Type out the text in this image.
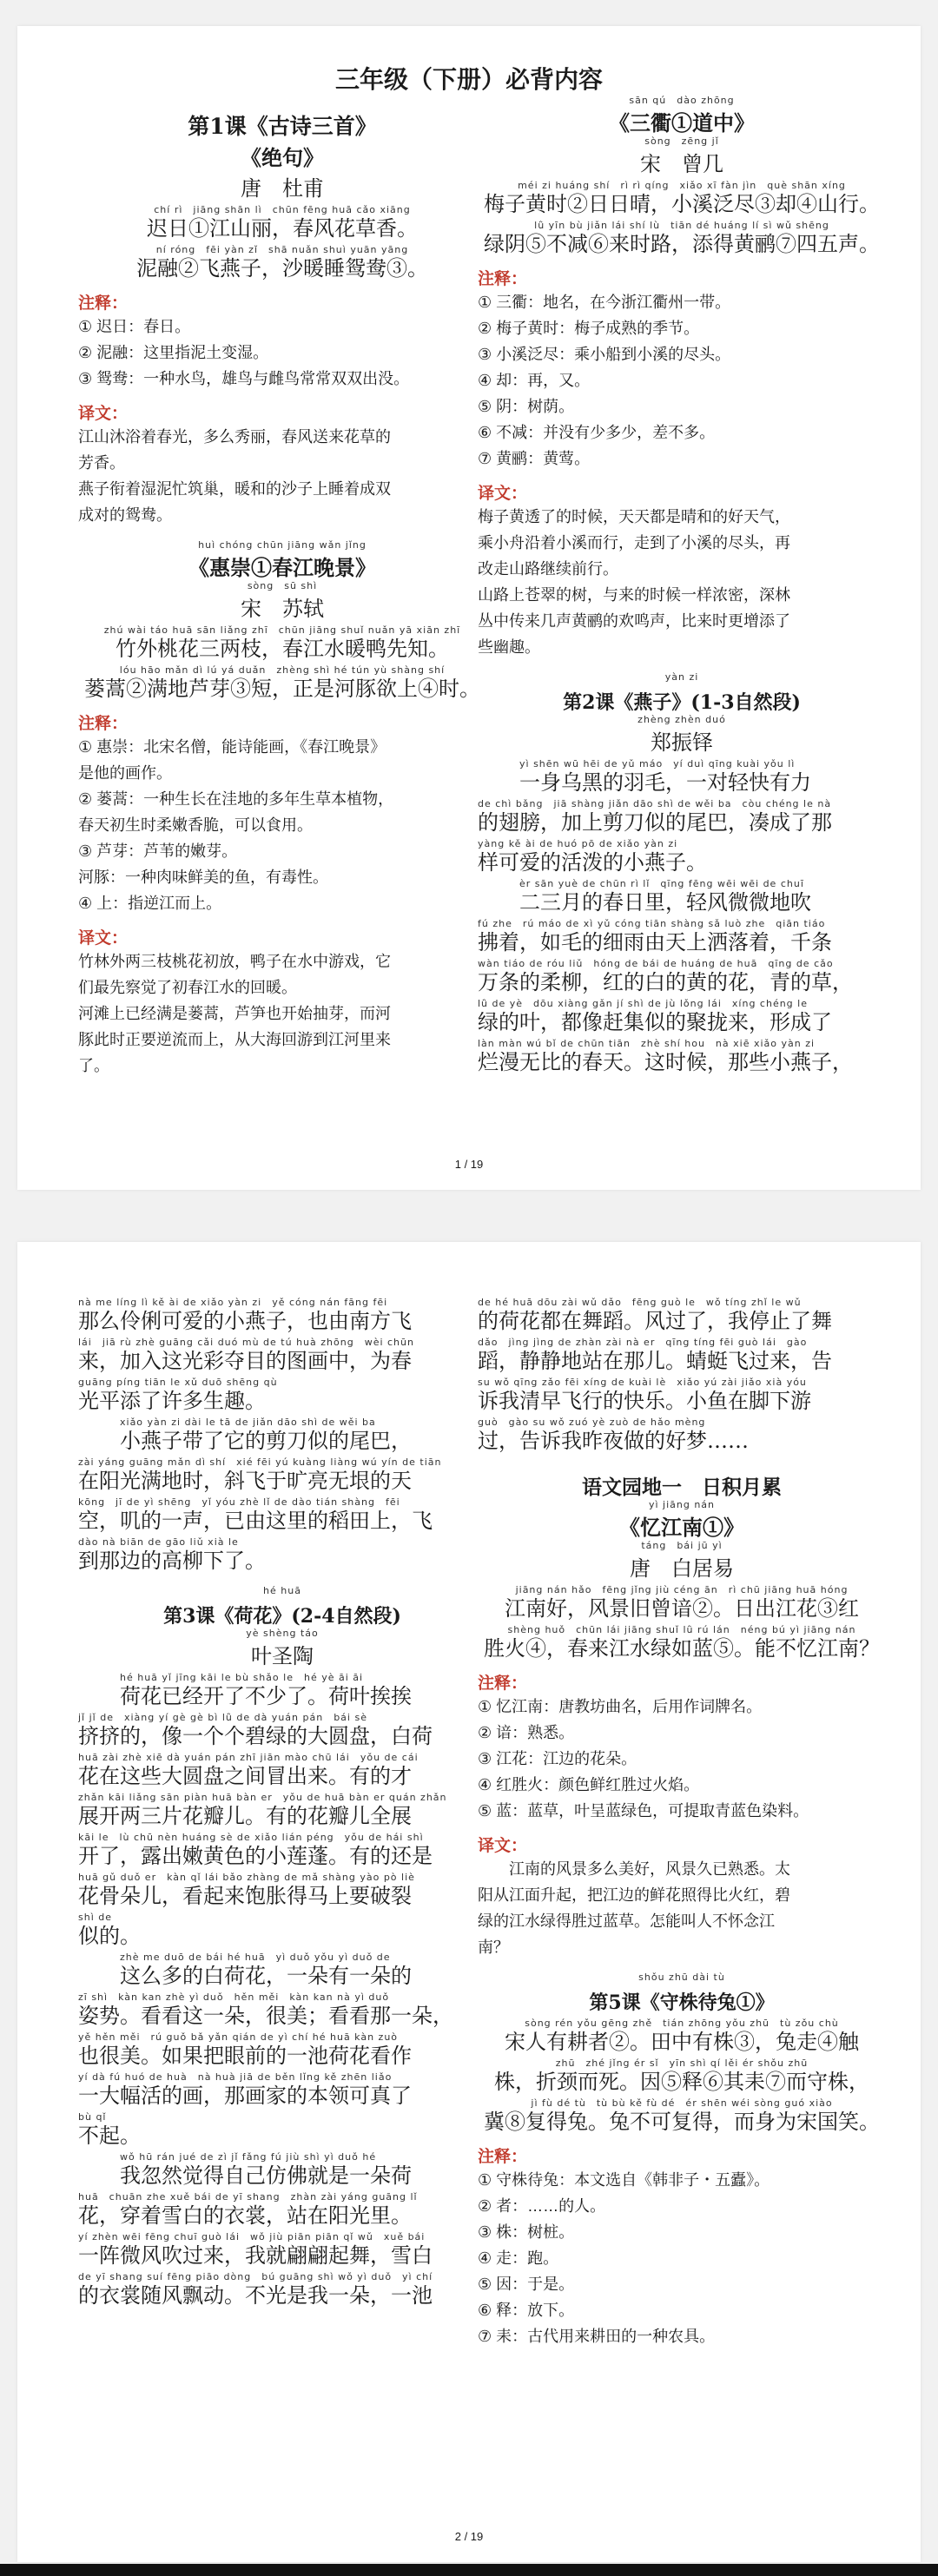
三年级（下册）必背内容
第1课《古诗三首》
《绝句》
唐　杜甫
chí rì　jiāng shān lì　chūn fēng huā cǎo xiāng
迟日①江山丽，春风花草香。
ní róng　fēi yàn zǐ　shā nuǎn shuì yuān yāng
泥融②飞燕子，沙暖睡鸳鸯③。
注释：
① 迟日：春日。
② 泥融：这里指泥土变湿。
③ 鸳鸯：一种水鸟，雄鸟与雌鸟常常双双出没。
译文：
江山沐浴着春光，多么秀丽，春风送来花草的
芳香。
燕子衔着湿泥忙筑巢，暖和的沙子上睡着成双
成对的鸳鸯。
huì chóng chūn jiāng wǎn jǐng
《惠崇①春江晚景》
sòng　sū shì
宋　苏轼
zhú wài táo huā sān liǎng zhī　chūn jiāng shuǐ nuǎn yā xiān zhī
竹外桃花三两枝，春江水暖鸭先知。
lóu hāo mǎn dì lú yá duǎn　zhèng shì hé tún yù shàng shí
蒌蒿②满地芦芽③短，正是河豚欲上④时。
注释：
① 惠崇：北宋名僧，能诗能画，《春江晚景》
是他的画作。
② 蒌蒿：一种生长在洼地的多年生草本植物，
春天初生时柔嫩香脆，可以食用。
③ 芦芽：芦苇的嫩芽。
河豚：一种肉味鲜美的鱼，有毒性。
④ 上：指逆江而上。
译文：
竹林外两三枝桃花初放，鸭子在水中游戏，它
们最先察觉了初春江水的回暖。
河滩上已经满是蒌蒿，芦笋也开始抽芽，而河
豚此时正要逆流而上，从大海回游到江河里来
了。
sān qú　dào zhōng
《三衢①道中》
sòng　zēng jǐ
宋　曾几
méi zi huáng shí　rì rì qíng　xiǎo xī fàn jìn　què shān xíng
梅子黄时②日日晴，小溪泛尽③却④山行。
lǜ yīn bù jiǎn lái shí lù　tiān dé huáng lí sì wǔ shēng
绿阴⑤不减⑥来时路，添得黄鹂⑦四五声。
注释：
① 三衢：地名，在今浙江衢州一带。
② 梅子黄时：梅子成熟的季节。
③ 小溪泛尽：乘小船到小溪的尽头。
④ 却：再，又。
⑤ 阴：树荫。
⑥ 不减：并没有少多少，差不多。
⑦ 黄鹂：黄莺。
译文：
梅子黄透了的时候，天天都是晴和的好天气，
乘小舟沿着小溪而行，走到了小溪的尽头，再
改走山路继续前行。
山路上苍翠的树，与来的时候一样浓密，深林
丛中传来几声黄鹂的欢鸣声，比来时更增添了
些幽趣。
yàn zi
第2课《燕子》(1-3自然段)
zhèng zhèn duó
郑振铎
yì shēn wū hēi de yǔ máo　yí duì qīng kuài yǒu lì
一身乌黑的羽毛，一对轻快有力
de chì bǎng　jiā shàng jiǎn dāo shì de wěi ba　còu chéng le nà
的翅膀，加上剪刀似的尾巴，凑成了那
yàng kě ài de huó pō de xiǎo yàn zi
样可爱的活泼的小燕子。
èr sān yuè de chūn rì lǐ　qīng fēng wēi wēi de chuī
二三月的春日里，轻风微微地吹
fú zhe　rú máo de xì yǔ cóng tiān shàng sǎ luò zhe　qiān tiáo
拂着，如毛的细雨由天上洒落着，千条
wàn tiáo de róu liǔ　hóng de bái de huáng de huā　qīng de cǎo
万条的柔柳，红的白的黄的花，青的草，
lǜ de yè　dōu xiàng gǎn jí shì de jù lǒng lái　xíng chéng le
绿的叶，都像赶集似的聚拢来，形成了
làn màn wú bǐ de chūn tiān　zhè shí hou　nà xiē xiǎo yàn zi
烂漫无比的春天。这时候，那些小燕子，
1 / 19
nà me líng lì kě ài de xiǎo yàn zi　yě cóng nán fāng fēi
那么伶俐可爱的小燕子，也由南方飞
lái　jiā rù zhè guāng cǎi duó mù de tú huà zhōng　wèi chūn
来，加入这光彩夺目的图画中，为春
guāng píng tiān le xǔ duō shēng qù
光平添了许多生趣。
xiǎo yàn zi dài le tā de jiǎn dāo shì de wěi ba
小燕子带了它的剪刀似的尾巴，
zài yáng guāng mǎn dì shí　xié fēi yú kuàng liàng wú yín de tiān
在阳光满地时，斜飞于旷亮无垠的天
kōng　jī de yì shēng　yǐ yóu zhè lǐ de dào tián shàng　fēi
空，叽的一声，已由这里的稻田上，飞
dào nà biān de gāo liǔ xià le
到那边的高柳下了。
hé huā
第3课《荷花》(2-4自然段)
yè shèng táo
叶圣陶
hé huā yǐ jīng kāi le bù shǎo le　hé yè āi āi
荷花已经开了不少了。荷叶挨挨
jǐ jǐ de　xiàng yí gè gè bì lǜ de dà yuán pán　bái sè
挤挤的，像一个个碧绿的大圆盘，白荷
huā zài zhè xiē dà yuán pán zhī jiān mào chū lái　yǒu de cái
花在这些大圆盘之间冒出来。有的才
zhǎn kāi liǎng sān piàn huā bàn er　yǒu de huā bàn er quán zhǎn
展开两三片花瓣儿。有的花瓣儿全展
kāi le　lù chū nèn huáng sè de xiǎo lián péng　yǒu de hái shì
开了，露出嫩黄色的小莲蓬。有的还是
huā gǔ duǒ er　kàn qǐ lái bǎo zhàng de mǎ shàng yào pò liè
花骨朵儿，看起来饱胀得马上要破裂
shì de
似的。
zhè me duō de bái hé huā　yì duǒ yǒu yì duǒ de
这么多的白荷花，一朵有一朵的
zī shì　kàn kan zhè yì duǒ　hěn měi　kàn kan nà yì duǒ
姿势。看看这一朵，很美；看看那一朵，
yě hěn měi　rú guǒ bǎ yǎn qián de yì chí hé huā kàn zuò
也很美。如果把眼前的一池荷花看作
yí dà fú huó de huà　nà huà jiā de běn lǐng kě zhēn liǎo
一大幅活的画，那画家的本领可真了
bù qǐ
不起。
wǒ hū rán jué de zì jǐ fǎng fú jiù shì yì duǒ hé
我忽然觉得自己仿佛就是一朵荷
huā　chuān zhe xuě bái de yī shang　zhàn zài yáng guāng lǐ
花，穿着雪白的衣裳，站在阳光里。
yí zhèn wēi fēng chuī guò lái　wǒ jiù piān piān qǐ wǔ　xuě bái
一阵微风吹过来，我就翩翩起舞，雪白
de yī shang suí fēng piāo dòng　bú guāng shì wǒ yì duǒ　yì chí
的衣裳随风飘动。不光是我一朵，一池
de hé huā dōu zài wǔ dǎo　fēng guò le　wǒ tíng zhǐ le wǔ
的荷花都在舞蹈。风过了，我停止了舞
dǎo　jìng jìng de zhàn zài nà er　qīng tíng fēi guò lái　gào
蹈，静静地站在那儿。蜻蜓飞过来，告
su wǒ qīng zǎo fēi xíng de kuài lè　xiǎo yú zài jiǎo xià yóu
诉我清早飞行的快乐。小鱼在脚下游
guò　gào su wǒ zuó yè zuò de hǎo mèng
过，告诉我昨夜做的好梦……
语文园地一　日积月累
yì jiāng nán
《忆江南①》
táng　bái jū yì
唐　白居易
jiāng nán hǎo　fēng jǐng jiù céng ān　rì chū jiāng huā hóng
江南好，风景旧曾谙②。日出江花③红
shèng huǒ　chūn lái jiāng shuǐ lǜ rú lán　néng bú yì jiāng nán
胜火④，春来江水绿如蓝⑤。能不忆江南？
注释：
① 忆江南：唐教坊曲名，后用作词牌名。
② 谙：熟悉。
③ 江花：江边的花朵。
④ 红胜火：颜色鲜红胜过火焰。
⑤ 蓝：蓝草，叶呈蓝绿色，可提取青蓝色染料。
译文：
江南的风景多么美好，风景久已熟悉。太
阳从江面升起，把江边的鲜花照得比火红，碧
绿的江水绿得胜过蓝草。怎能叫人不怀念江
南？
shǒu zhū dài tù
第5课《守株待兔①》
sòng rén yǒu gēng zhě　tián zhōng yǒu zhū　tù zǒu chù
宋人有耕者②。田中有株③，兔走④触
zhū　zhé jǐng ér sǐ　yīn shì qí lěi ér shǒu zhū
株，折颈而死。因⑤释⑥其耒⑦而守株，
jì fù dé tù　tù bù kě fù dé　ér shēn wéi sòng guó xiào
冀⑧复得兔。兔不可复得，而身为宋国笑。
注释：
① 守株待兔：本文选自《韩非子・五蠹》。
② 者：……的人。
③ 株：树桩。
④ 走：跑。
⑤ 因：于是。
⑥ 释：放下。
⑦ 耒：古代用来耕田的一种农具。
2 / 19
